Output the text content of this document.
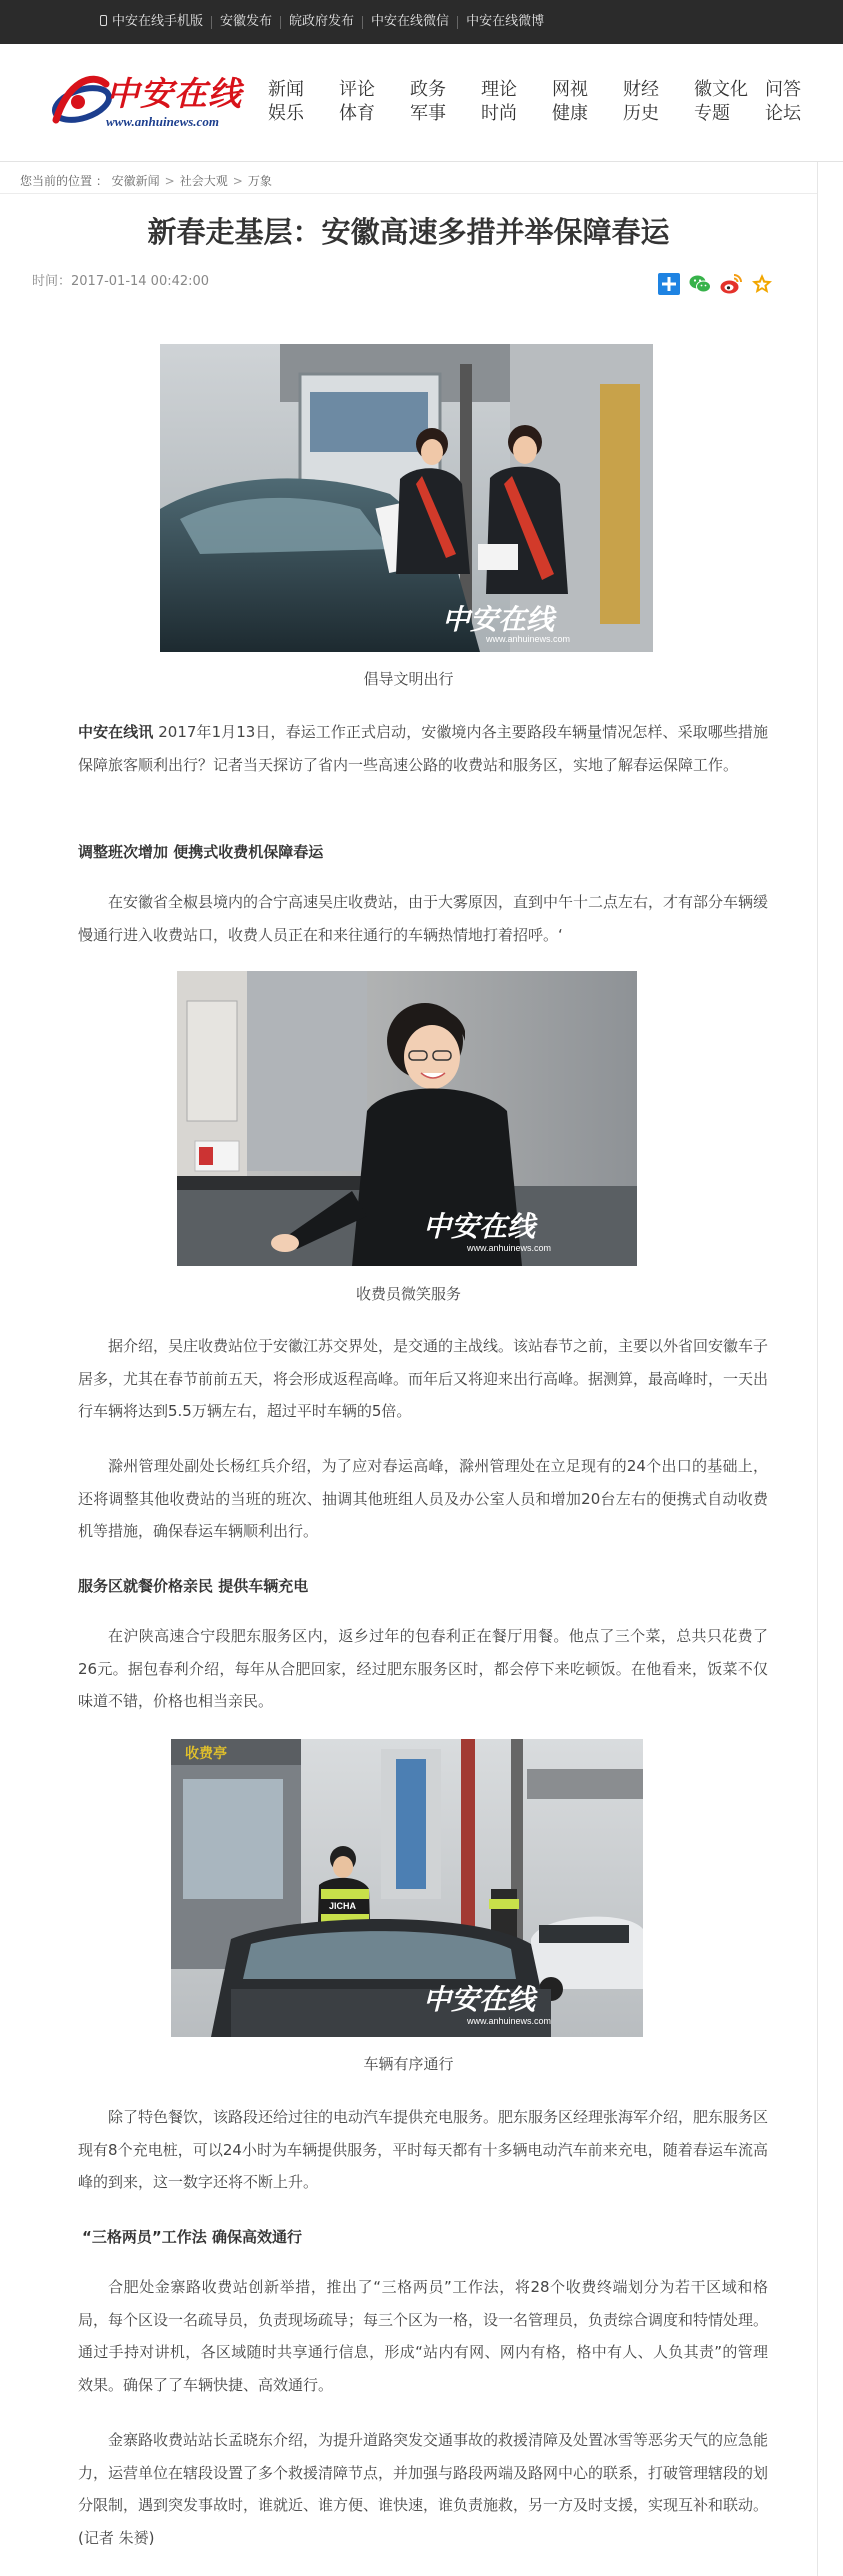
中安在线手机版	安徽发布	皖政府发布	中安在线微信	中安在线微博
中安在线
www.anhuinews.com
新闻
娱乐
评论
体育
政务
军事
理论
时尚
网视
健康
财经
历史
徽文化
专题
问答
论坛
您当前的位置 ： 安徽新闻 > 社会大观 > 万象
新春走基层：安徽高速多措并举保障春运
时间：2017-01-14 00:42:00
中安在线
www.anhuinews.com
倡导文明出行

中安在线讯 2017年1月13日，春运工作正式启动，安徽境内各主要路段车辆量情况怎样、采取哪些措施保障旅客顺利出行？记者当天探访了省内一些高速公路的收费站和服务区，实地了解春运保障工作。

调整班次增加 便携式收费机保障春运

在安徽省全椒县境内的合宁高速吴庄收费站，由于大雾原因，直到中午十二点左右，才有部分车辆缓慢通行进入收费站口，收费人员正在和来往通行的车辆热情地打着招呼。‘

中安在线
www.anhuinews.com
收费员微笑服务

据介绍，吴庄收费站位于安徽江苏交界处，是交通的主战线。该站春节之前，主要以外省回安徽车子居多，尤其在春节前前五天，将会形成返程高峰。而年后又将迎来出行高峰。据测算，最高峰时，一天出行车辆将达到5.5万辆左右，超过平时车辆的5倍。

滁州管理处副处长杨红兵介绍，为了应对春运高峰，滁州管理处在立足现有的24个出口的基础上，还将调整其他收费站的当班的班次、抽调其他班组人员及办公室人员和增加20台左右的便携式自动收费机等措施，确保春运车辆顺利出行。

服务区就餐价格亲民 提供车辆充电

在沪陕高速合宁段肥东服务区内，返乡过年的包春利正在餐厅用餐。他点了三个菜，总共只花费了26元。据包春利介绍，每年从合肥回家，经过肥东服务区时，都会停下来吃顿饭。在他看来，饭菜不仅味道不错，价格也相当亲民。

收费亭
JICHA
中安在线
www.anhuinews.com
车辆有序通行

除了特色餐饮，该路段还给过往的电动汽车提供充电服务。肥东服务区经理张海军介绍，肥东服务区现有8个充电桩，可以24小时为车辆提供服务，平时每天都有十多辆电动汽车前来充电，随着春运车流高峰的到来，这一数字还将不断上升。

“三格两员”工作法 确保高效通行

合肥处金寨路收费站创新举措，推出了“三格两员”工作法，将28个收费终端划分为若干区域和格局，每个区设一名疏导员，负责现场疏导；每三个区为一格，设一名管理员，负责综合调度和特情处理。通过手持对讲机，各区域随时共享通行信息，形成“站内有网、网内有格，格中有人、人负其责”的管理效果。确保了了车辆快捷、高效通行。

金寨路收费站站长孟晓东介绍，为提升道路突发交通事故的救援清障及处置冰雪等恶劣天气的应急能力，运营单位在辖段设置了多个救援清障节点，并加强与路段两端及路网中心的联系，打破管理辖段的划分限制，遇到突发事故时，谁就近、谁方便、谁快速，谁负责施救，另一方及时支援，实现互补和联动。(记者 朱赟)
